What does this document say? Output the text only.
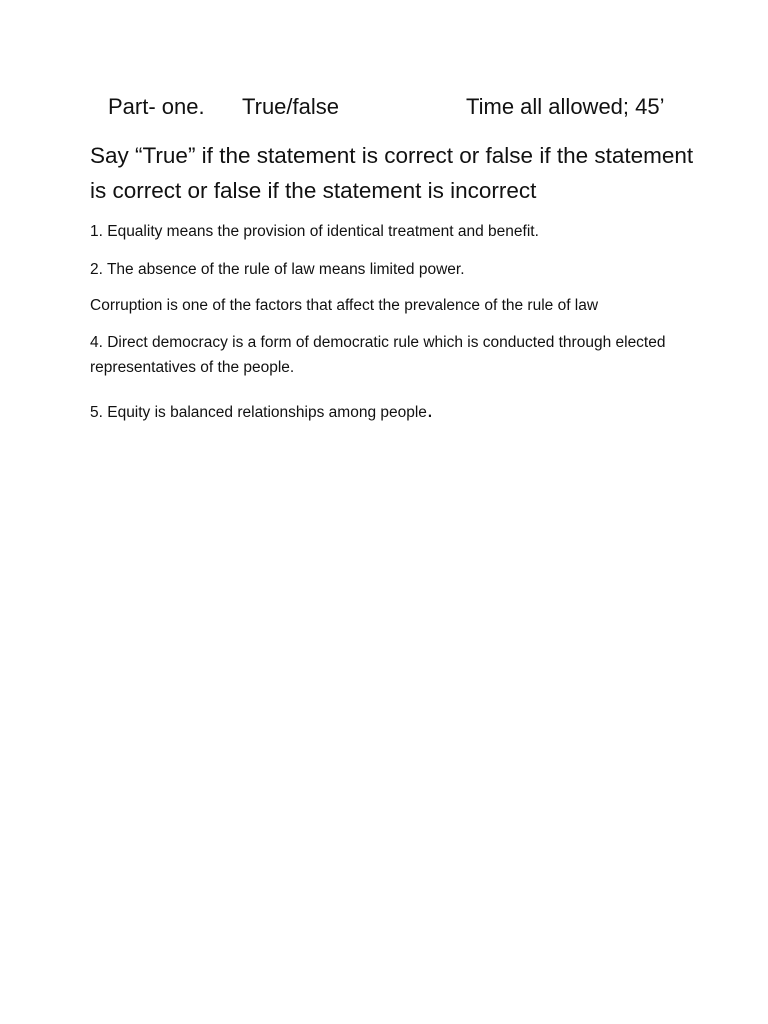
Part- one. True/false	Time all allowed; 45’
Say “True” if the statement is correct or false if the statement is correct or false if the statement is incorrect
1. Equality means the provision of identical treatment and benefit.
2. The absence of the rule of law means limited power.
Corruption is one of the factors that affect the prevalence of the rule of law
4. Direct democracy is a form of democratic rule which is conducted through elected representatives of the people.
5. Equity is balanced relationships among people.
